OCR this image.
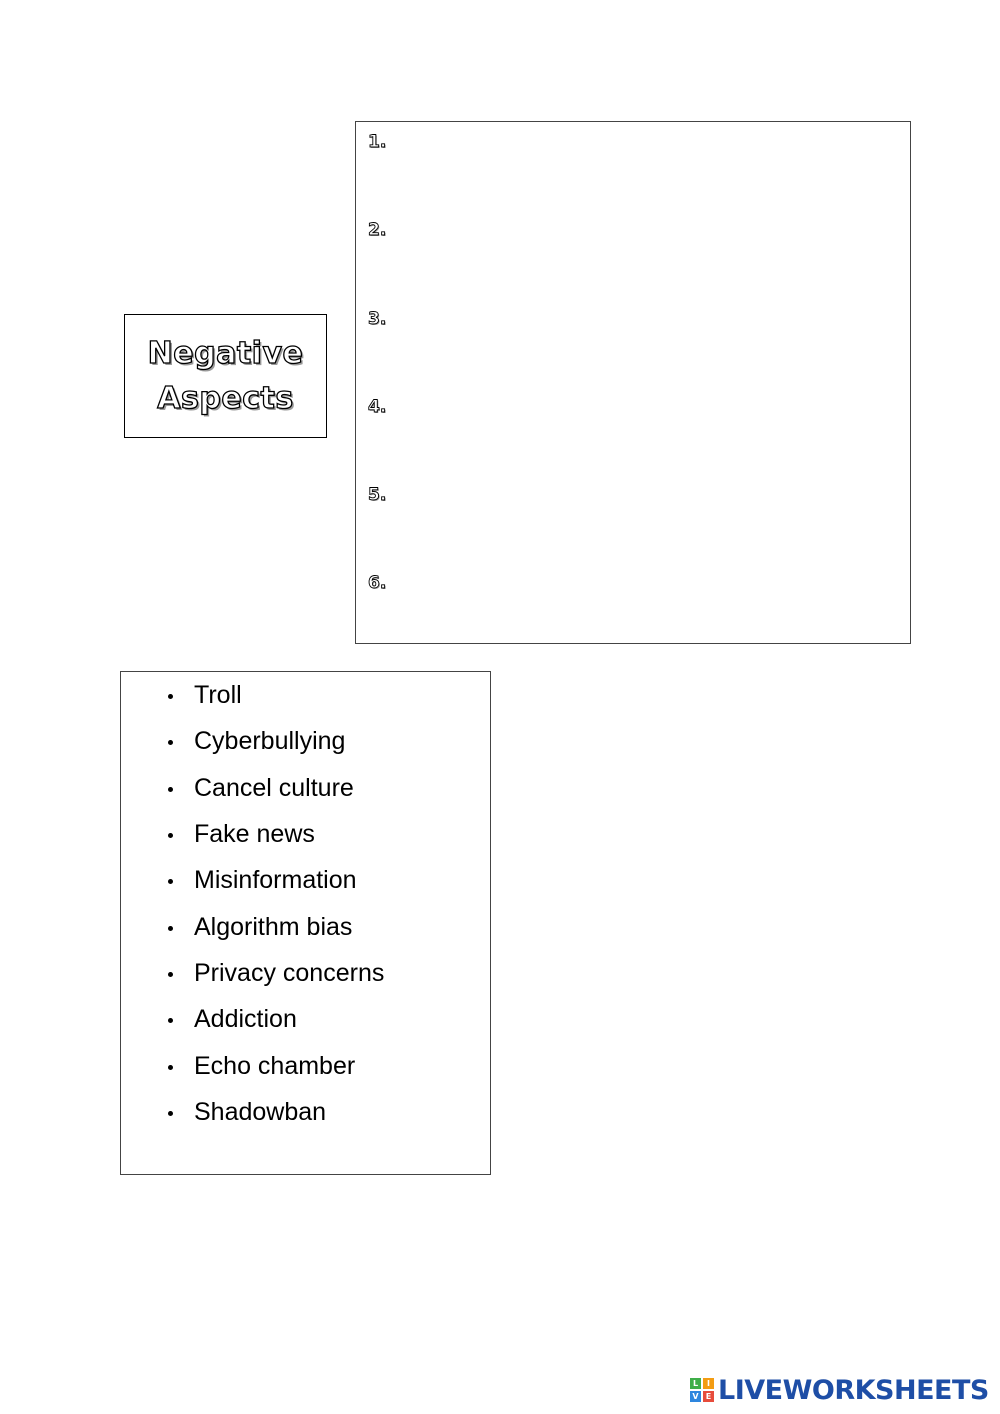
Negative
Aspects
1.
2.
3.
4.
5.
6.
Troll
Cyberbullying
Cancel culture
Fake news
Misinformation
Algorithm bias
Privacy concerns
Addiction
Echo chamber
Shadowban
L	I
V E LIVEWORKSHEETS
